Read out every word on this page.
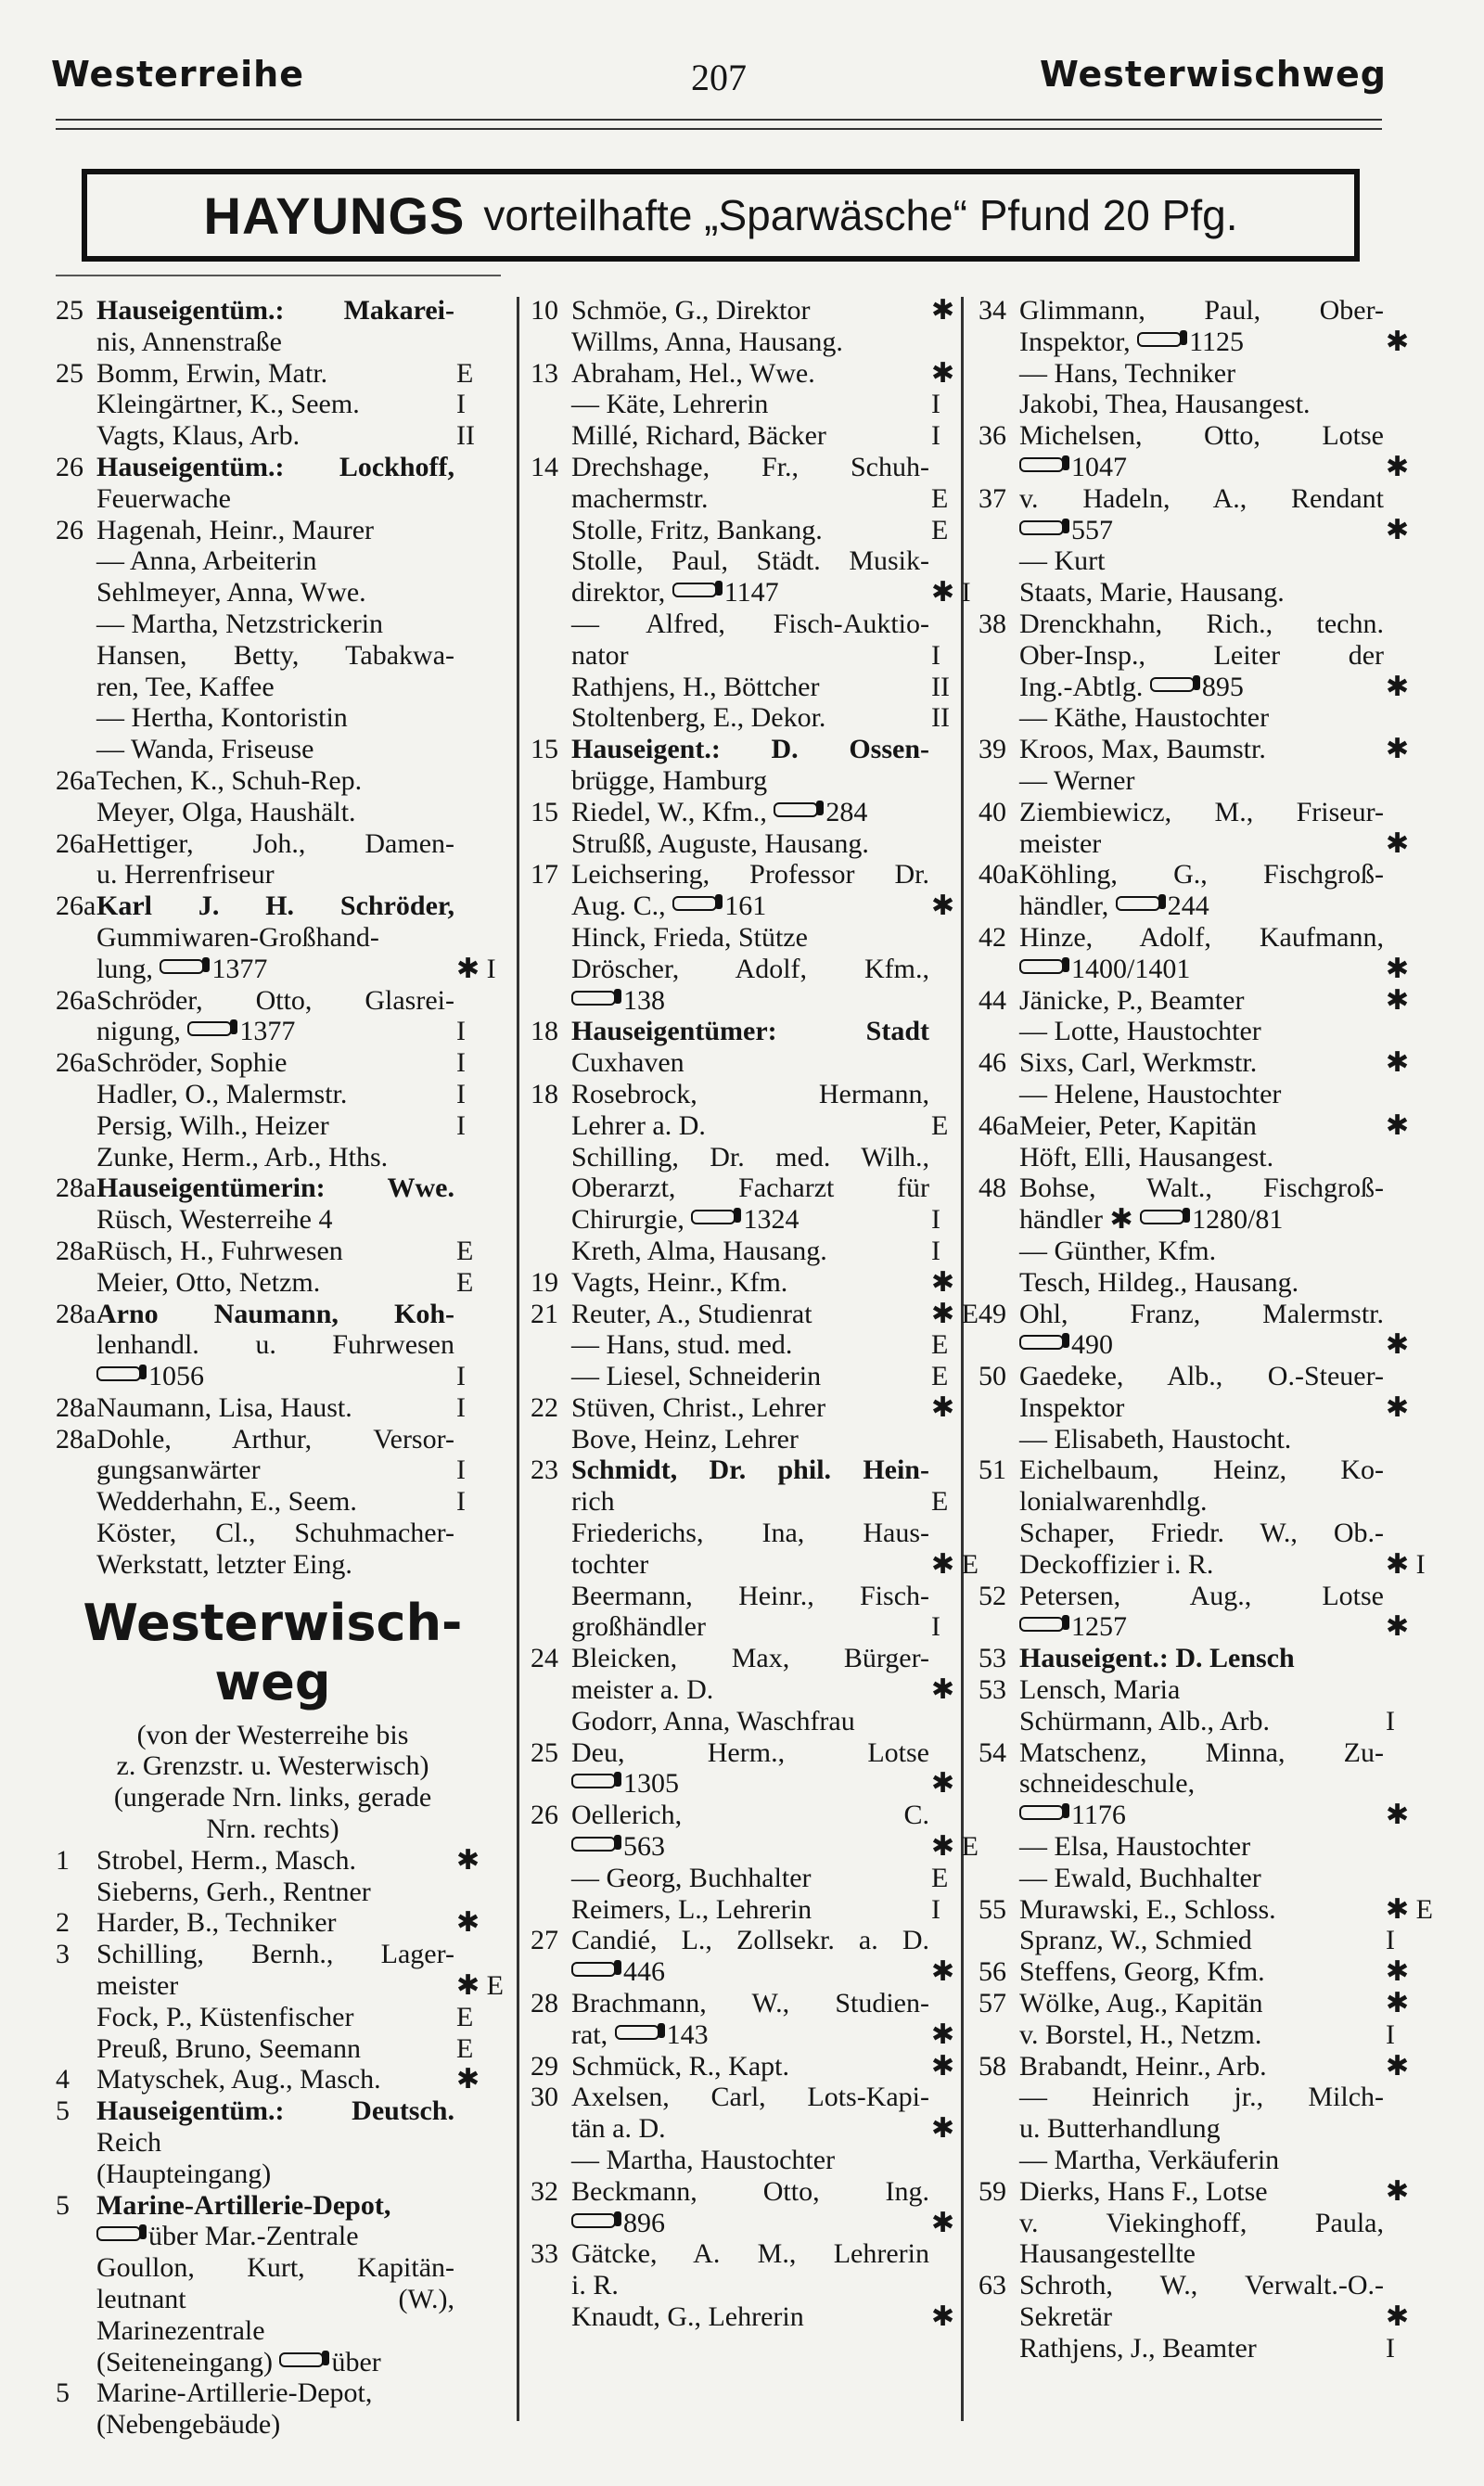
Westerreihe	207	Westerwischweg
HAYUNGS vorteilhafte „Sparwäsche“ Pfund 20 Pfg.
25 Hauseigentüm.: Makarei-
nis, Annenstraße
25 Bomm, Erwin, Matr.	E
Kleingärtner, K., Seem.	I
Vagts, Klaus, Arb.	II
26 Hauseigentüm.: Lockhoff,
Feuerwache
26 Hagenah, Heinr., Maurer
— Anna, Arbeiterin
Sehlmeyer, Anna, Wwe.
— Martha, Netzstrickerin
Hansen, Betty, Tabakwa-
ren, Tee, Kaffee
— Hertha, Kontoristin
— Wanda, Friseuse
26aTechen, K., Schuh-Rep.
Meyer, Olga, Haushält.
26aHettiger, Joh., Damen-
u. Herrenfriseur
26aKarl J. H. Schröder,
Gummiwaren-Großhand-
lung, 1377	✱ I
26aSchröder, Otto, Glasrei-
nigung, 1377	I
26aSchröder, Sophie	I
Hadler, O., Malermstr.	I
Persig, Wilh., Heizer	I
Zunke, Herm., Arb., Hths.
28aHauseigentümerin: Wwe.
Rüsch, Westerreihe 4
28aRüsch, H., Fuhrwesen	E
Meier, Otto, Netzm.	E
28aArno Naumann, Koh-
lenhandl. u. Fuhrwesen
1056	I
28aNaumann, Lisa, Haust.	I
28aDohle, Arthur, Versor-
gungsanwärter	I
Wedderhahn, E., Seem.	I
Köster, Cl., Schuhmacher-
Werkstatt, letzter Eing.
Westerwisch-
weg
(von der Westerreihe bis
z. Grenzstr. u. Westerwisch)
(ungerade Nrn. links, gerade
Nrn. rechts)
1 Strobel, Herm., Masch.	✱
Sieberns, Gerh., Rentner
2 Harder, B., Techniker	✱
3 Schilling, Bernh., Lager-
meister	✱ E
Fock, P., Küstenfischer	E
Preuß, Bruno, Seemann	E
4 Matyschek, Aug., Masch.	✱
5 Hauseigentüm.: Deutsch.
Reich
(Haupteingang)
5 Marine-Artillerie-Depot,
über Mar.-Zentrale
Goullon, Kurt, Kapitän-
leutnant (W.),
Marinezentrale
(Seiteneingang) über
5 Marine-Artillerie-Depot,
(Nebengebäude)
10 Schmöe, G., Direktor	✱
Willms, Anna, Hausang.
13 Abraham, Hel., Wwe.	✱
— Käte, Lehrerin	I
Millé, Richard, Bäcker	I
14 Drechshage, Fr., Schuh-
machermstr.	E
Stolle, Fritz, Bankang.	E
Stolle, Paul, Städt. Musik-
direktor, 1147	✱ I
— Alfred, Fisch-Auktio-
nator	I
Rathjens, H., Böttcher	II
Stoltenberg, E., Dekor.	II
15 Hauseigent.: D. Ossen-
brügge, Hamburg
15 Riedel, W., Kfm., 284
Strußß, Auguste, Hausang.
17 Leichsering, Professor Dr.
Aug. C., 161	✱
Hinck, Frieda, Stütze
Dröscher, Adolf, Kfm.,
138
18 Hauseigentümer: Stadt
Cuxhaven
18 Rosebrock, Hermann,
Lehrer a. D.	E
Schilling, Dr. med. Wilh.,
Oberarzt, Facharzt für
Chirurgie, 1324	I
Kreth, Alma, Hausang.	I
19 Vagts, Heinr., Kfm.	✱
21 Reuter, A., Studienrat	✱ E
— Hans, stud. med.	E
— Liesel, Schneiderin	E
22 Stüven, Christ., Lehrer	✱
Bove, Heinz, Lehrer
23 Schmidt, Dr. phil. Hein-
rich	E
Friederichs, Ina, Haus-
tochter	✱ E
Beermann, Heinr., Fisch-
großhändler	I
24 Bleicken, Max, Bürger-
meister a. D.	✱
Godorr, Anna, Waschfrau
25 Deu, Herm., Lotse
1305	✱
26 Oellerich, C.
563	✱ E
— Georg, Buchhalter	E
Reimers, L., Lehrerin	I
27 Candié, L., Zollsekr. a. D.
446	✱
28 Brachmann, W., Studien-
rat, 143	✱
29 Schmück, R., Kapt.	✱
30 Axelsen, Carl, Lots-Kapi-
tän a. D.	✱
— Martha, Haustochter
32 Beckmann, Otto, Ing.
896	✱
33 Gätcke, A. M., Lehrerin
i. R.
Knaudt, G., Lehrerin	✱
34 Glimmann, Paul, Ober-
Inspektor, 1125	✱
— Hans, Techniker
Jakobi, Thea, Hausangest.
36 Michelsen, Otto, Lotse
1047	✱
37 v. Hadeln, A., Rendant
557	✱
— Kurt
Staats, Marie, Hausang.
38 Drenckhahn, Rich., techn.
Ober-Insp., Leiter der
Ing.-Abtlg. 895	✱
— Käthe, Haustochter
39 Kroos, Max, Baumstr.	✱
— Werner
40 Ziembiewicz, M., Friseur-
meister	✱
40aKöhling, G., Fischgroß-
händler, 244
42 Hinze, Adolf, Kaufmann,
1400/1401	✱
44 Jänicke, P., Beamter	✱
— Lotte, Haustochter
46 Sixs, Carl, Werkmstr.	✱
— Helene, Haustochter
46aMeier, Peter, Kapitän	✱
Höft, Elli, Hausangest.
48 Bohse, Walt., Fischgroß-
händler ✱ 1280/81
— Günther, Kfm.
Tesch, Hildeg., Hausang.
49 Ohl, Franz, Malermstr.
490	✱
50 Gaedeke, Alb., O.-Steuer-
Inspektor	✱
— Elisabeth, Haustocht.
51 Eichelbaum, Heinz, Ko-
lonialwarenhdlg.
Schaper, Friedr. W., Ob.-
Deckoffizier i. R.	✱ I
52 Petersen, Aug., Lotse
1257	✱
53 Hauseigent.: D. Lensch
53 Lensch, Maria
Schürmann, Alb., Arb.	I
54 Matschenz, Minna, Zu-
schneideschule,
1176	✱
— Elsa, Haustochter
— Ewald, Buchhalter
55 Murawski, E., Schloss.	✱ E
Spranz, W., Schmied	I
56 Steffens, Georg, Kfm.	✱
57 Wölke, Aug., Kapitän	✱
v. Borstel, H., Netzm.	I
58 Brabandt, Heinr., Arb.	✱
— Heinrich jr., Milch-
u. Butterhandlung
— Martha, Verkäuferin
59 Dierks, Hans F., Lotse	✱
v. Viekinghoff, Paula,
Hausangestellte
63 Schroth, W., Verwalt.-O.-
Sekretär	✱
Rathjens, J., Beamter	I
